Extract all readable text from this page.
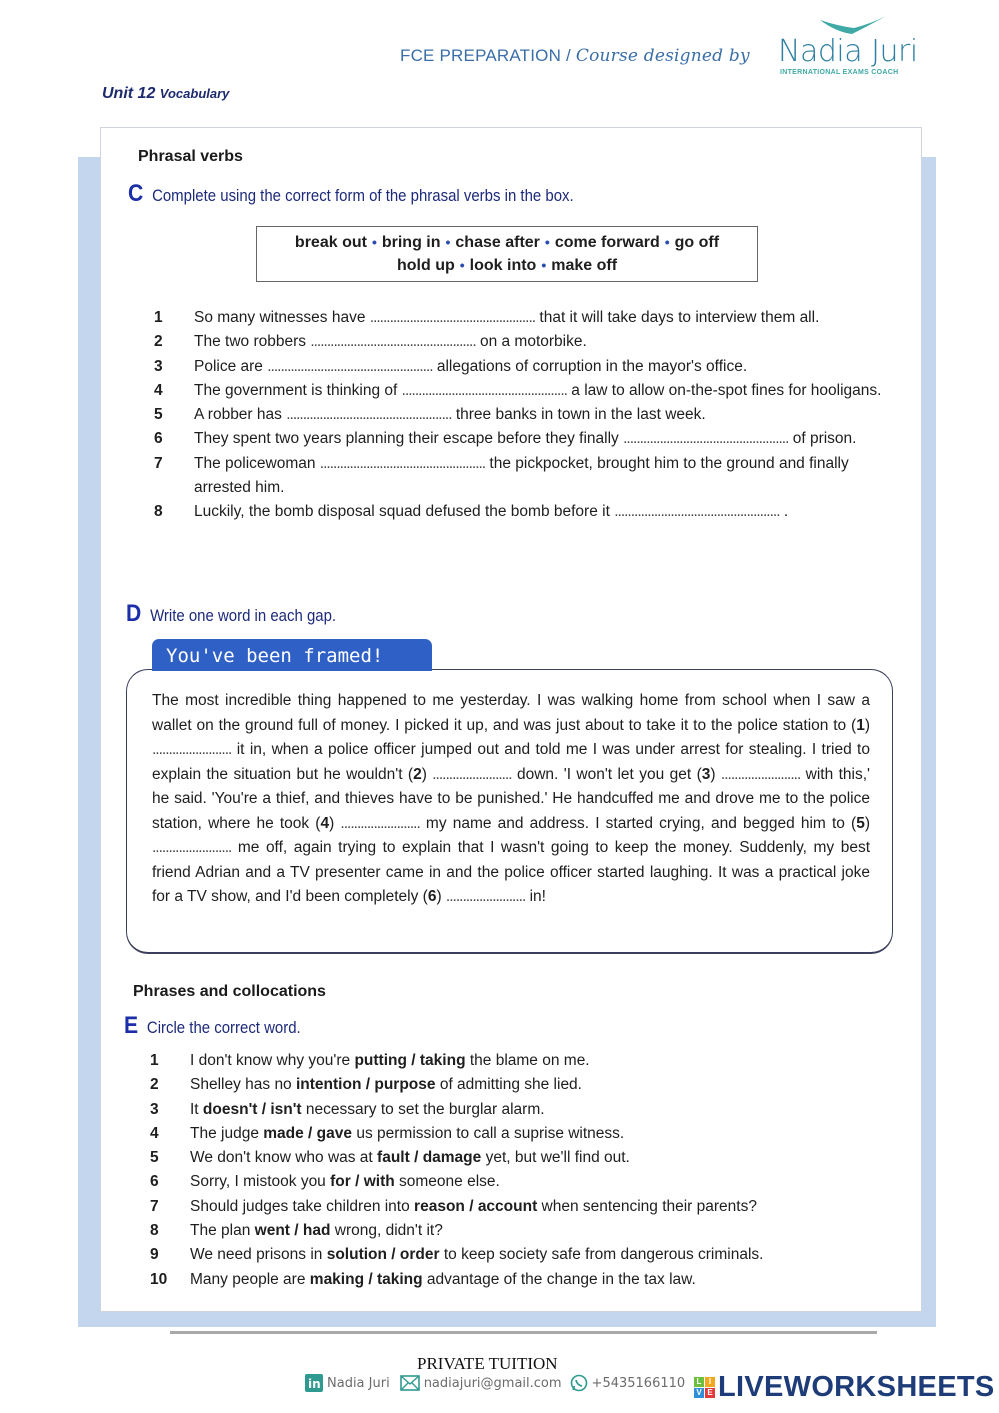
FCE PREPARATION / Course designed by Nadia Juri
INTERNATIONAL EXAMS COACH
Unit 12 Vocabulary
Phrasal verbs
C Complete using the correct form of the phrasal verbs in the box.
break out • bring in • chase after • come forward • go off
hold up • look into • make off
1	So many witnesses have .................................................. that it will take days to interview them all.
2	The two robbers .................................................. on a motorbike.
3	Police are .................................................. allegations of corruption in the mayor's office.
4	The government is thinking of .................................................. a law to allow on-the-spot fines for hooligans.
5	A robber has .................................................. three banks in town in the last week.
6	They spent two years planning their escape before they finally .................................................. of prison.
7	The policewoman .................................................. the pickpocket, brought him to the ground and finally arrested him.
8	Luckily, the bomb disposal squad defused the bomb before it .................................................. .
D Write one word in each gap.
You've been framed!
The most incredible thing happened to me yesterday. I was walking home from school when I saw a wallet on the ground full of money. I picked it up, and was just about to take it to the police station to (1) ........................ it in, when a police officer jumped out and told me I was under arrest for stealing. I tried to explain the situation but he wouldn't (2) ........................ down. 'I won't let you get (3) ........................ with this,' he said. 'You're a thief, and thieves have to be punished.' He handcuffed me and drove me to the police station, where he took (4) ........................ my name and address. I started crying, and begged him to (5) ........................ me off, again trying to explain that I wasn't going to keep the money. Suddenly, my best friend Adrian and a TV presenter came in and the police officer started laughing. It was a practical joke for a TV show, and I'd been completely (6) ........................ in!
Phrases and collocations
E Circle the correct word.
1	I don't know why you're putting / taking the blame on me.
2	Shelley has no intention / purpose of admitting she lied.
3	It doesn't / isn't necessary to set the burglar alarm.
4	The judge made / gave us permission to call a suprise witness.
5	We don't know who was at fault / damage yet, but we'll find out.
6	Sorry, I mistook you for / with someone else.
7	Should judges take children into reason / account when sentencing their parents?
8	The plan went / had wrong, didn't it?
9	We need prisons in solution / order to keep society safe from dangerous criminals.
10	Many people are making / taking advantage of the change in the tax law.
PRIVATE TUITION
in Nadia Juri	nadiajuri@gmail.com +5435166110	L I
V E LIVEWORKSHEETS
